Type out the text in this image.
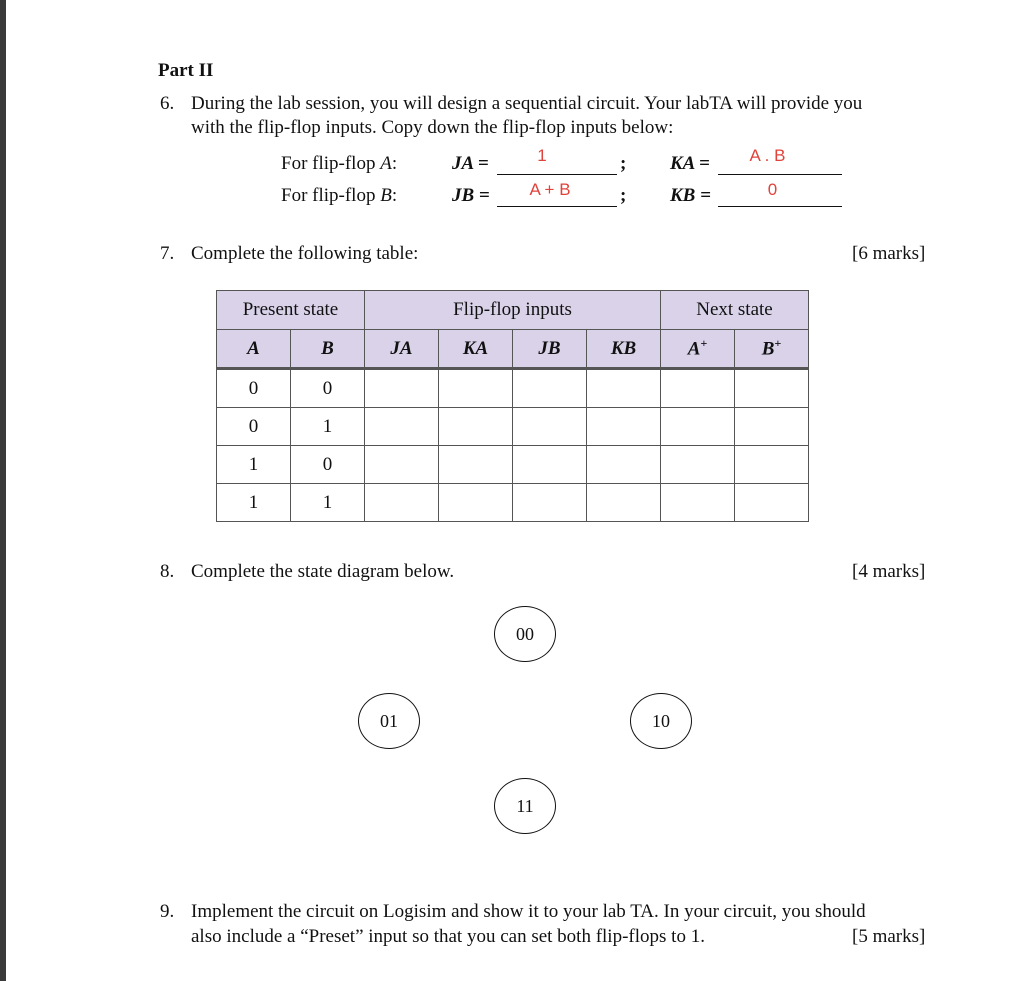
Part II
6. During the lab session, you will design a sequential circuit. Your labTA will provide you
with the flip-flop inputs. Copy down the flip-flop inputs below:
For flip-flop A:	JA =	1	; KA =	A . B
For flip-flop B:	JB =	A + B	; KB =	0
7. Complete the following table:	[6 marks]
Present state		Flip-flop inputs				Next state	
A	B	JA	KA	JB	KB	A+	B+
0	0						
0	1						
1	0						
1	1						
8. Complete the state diagram below.	[4 marks]
00
01	10
11
9. Implement the circuit on Logisim and show it to your lab TA. In your circuit, you should
also include a “Preset” input so that you can set both flip-flops to 1.	[5 marks]
